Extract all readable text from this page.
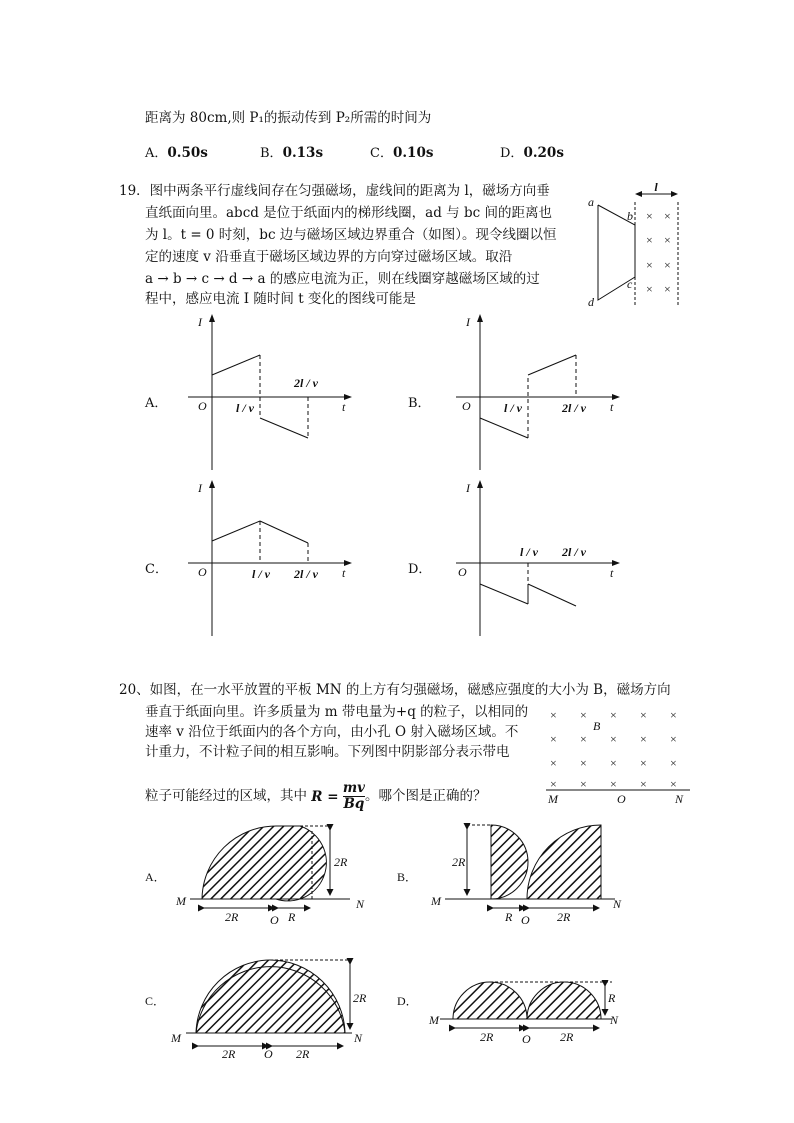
距离为 80cm,则 P₁的振动传到 P₂所需的时间为
A．0.50s	B．0.13s	C．0.10s	D．0.20s
19．图中两条平行虚线间存在匀强磁场，虚线间的距离为 l，磁场方向垂
直纸面向里。abcd 是位于纸面内的梯形线圈，ad 与 bc 间的距离也
为 l。t = 0 时刻，bc 边与磁场区域边界重合（如图）。现令线圈以恒
定的速度 v 沿垂直于磁场区域边界的方向穿过磁场区域。取沿
a → b → c → d → a 的感应电流为正，则在线圈穿越磁场区域的过
程中，感应电流 I 随时间 t 变化的图线可能是
l
a
b
c
d
× ×
× ×
× ×
× ×
A．
I
t
O l / v
2l / v
B．
I
t
O	l / v	2l / v
C．
I
t
O	l / v 2l / v	D．
I
t
O
l / v 2l / v
20、如图，在一水平放置的平板 MN 的上方有匀强磁场，磁感应强度的大小为 B，磁场方向
垂直于纸面向里。许多质量为 m 带电量为+q 的粒子，以相同的
速率 v 沿位于纸面内的各个方向，由小孔 O 射入磁场区域。不
计重力，不计粒子间的相互影响。下列图中阴影部分表示带电
粒子可能经过的区域，其中 $R = \frac{mv}{Bq}$ 。哪个图是正确的？
× × × × ×
× × × × ×
× × × × ×
× × × × ×
B
M	O	N
A．
2R
M	N
2R	O R
B．
2R
M	N
R O 2R
C．	2R
M	N
2R O 2R
D．	R
M	N
2R O 2R
